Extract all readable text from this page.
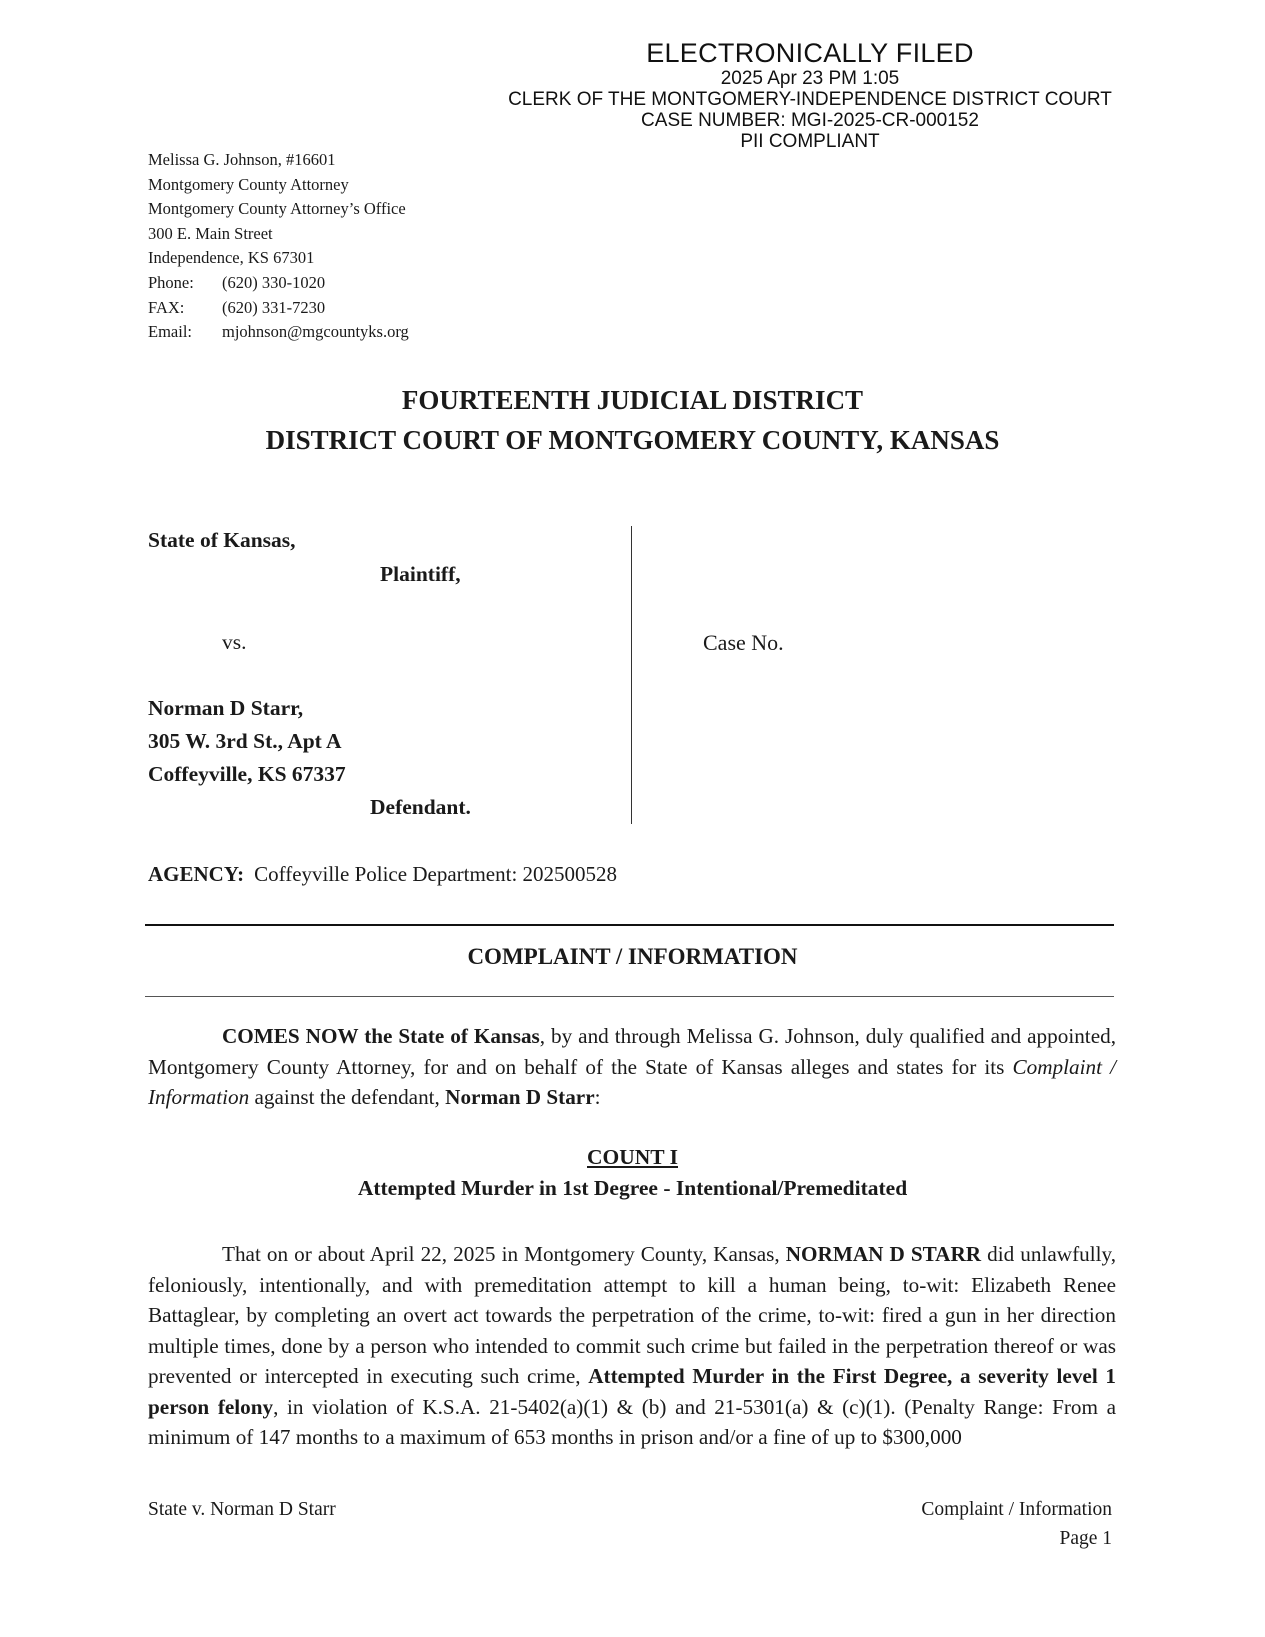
ELECTRONICALLY FILED
2025 Apr 23 PM 1:05
CLERK OF THE MONTGOMERY-INDEPENDENCE DISTRICT COURT
CASE NUMBER: MGI-2025-CR-000152
PII COMPLIANT
Melissa G. Johnson, #16601
Montgomery County Attorney
Montgomery County Attorney’s Office
300 E. Main Street
Independence, KS 67301
Phone: (620) 330-1020
FAX: (620) 331-7230
Email: mjohnson@mgcountyks.org
FOURTEENTH JUDICIAL DISTRICT
DISTRICT COURT OF MONTGOMERY COUNTY, KANSAS
State of Kansas,
Plaintiff,
vs.
Norman D Starr,
305 W. 3rd St., Apt A
Coffeyville, KS 67337
Defendant.
Case No.
AGENCY: Coffeyville Police Department: 202500528
COMPLAINT / INFORMATION
COMES NOW the State of Kansas, by and through Melissa G. Johnson, duly qualified and appointed, Montgomery County Attorney, for and on behalf of the State of Kansas alleges and states for its Complaint / Information against the defendant, Norman D Starr:
COUNT I
Attempted Murder in 1st Degree - Intentional/Premeditated
That on or about April 22, 2025 in Montgomery County, Kansas, NORMAN D STARR did unlawfully, feloniously, intentionally, and with premeditation attempt to kill a human being, to-wit: Elizabeth Renee Battaglear, by completing an overt act towards the perpetration of the crime, to-wit: fired a gun in her direction multiple times, done by a person who intended to commit such crime but failed in the perpetration thereof or was prevented or intercepted in executing such crime, Attempted Murder in the First Degree, a severity level 1 person felony, in violation of K.S.A. 21-5402(a)(1) & (b) and 21-5301(a) & (c)(1). (Penalty Range: From a minimum of 147 months to a maximum of 653 months in prison and/or a fine of up to $300,000
State v. Norman D Starr	Complaint / Information
Page 1
